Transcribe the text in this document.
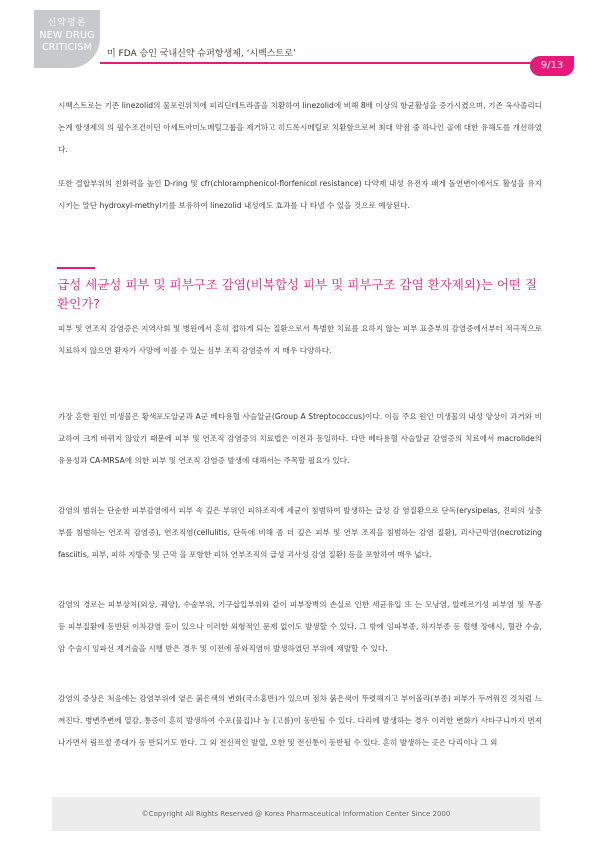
신약평론
NEW DRUG
CRITICISM
미 FDA 승인 국내신약 슈퍼항생제, ‘시벡스트로’
9/13
시벡스트로는 기존 linezolid의 물포린위치에 피리딘테트라졸을 치환하여 linezolid에 비해 8배 이상의 항균활성을 증가시켰으며, 기존 옥사졸리디논계 항생제의 의 필수조건이던 아세트아미노메틸그룹을 제거하고 히드록시메틸로 치환함으로써 최대 약점 중 하나인 골에 대한 유해도를 개선하였다.
또한 결합부위의 친화력을 높인 D-ring 및 cfr(chloramphenicol-florfenicol resistance) 다약제 내성 유전자 패게 돌연변이에서도 활성을 유지시키는 말단 hydroxyl-methyl기를 보유하여 linezolid 내성에도 효과를 나 타낼 수 있을 것으로 예상된다.
급성 세균성 피부 및 피부구조 감염(비복합성 피부 및 피부구조 감염 환자제외)는 어떤 질환인가?
피부 및 연조직 감염증은 지역사회 및 병원에서 흔히 접하게 되는 질환으로서 특별한 치료를 요하지 않는 피부 표층부의 감염증에서부터 적극적으로 치료하지 않으면 환자가 사망에 이를 수 있는 심부 조직 감염증까 지 매우 다양하다.
가장 흔한 원인 미생물은 황색포도알균과 A군 베타용혈 사슬알균(Group A Streptococcus)이다. 이들 주요 원인 미생물의 내성 양상이 과거와 비교하여 크게 바뀌지 않았기 때문에 피부 및 연조직 감염증의 치료법은 이전과 동일하다. 다만 베타용혈 사슬알균 감염증의 치료에서 macrolide의 유용성과 CA-MRSA에 의한 피부 및 연조직 감염증 발생에 대해서는 주목할 필요가 있다.
감염의 범위는 단순한 피부감염에서 피부 속 깊은 부위인 피하조직에 세균이 침범하여 발생하는 급성 감 염질환으로 단독(erysipelas, 진피의 상층부를 침범하는 연조직 감염증), 연조직염(cellulitis, 단독에 비해 좀 더 깊은 피부 및 연부 조직을 침범하는 감염 질환), 괴사근막염(necrotizing fasciitis, 피부, 피하 지방층 및 근막 을 포함한 피하 연부조직의 급성 괴사성 감염 질환) 등을 포함하여 매우 넓다.
감염의 경로는 피부상처(외상, 궤양), 수술부위, 기구삽입부위와 같이 피부장벽의 손실로 인한 세균유입 또 는 모낭염, 알레르기성 피부염 및 무좀 등 피부질환에 동반된 이차감염 등이 있으나 이러한 외형적인 문제 없이도 발생할 수 있다. 그 밖에 임파부종, 하지부종 등 혈행 장애시, 혈관 수술, 암 수술시 임파선 제거술을 시행 받은 경우 및 이전에 봉와직염이 발생하였던 부위에 재발할 수 있다.
감염의 증상은 처음에는 감염부위에 옅은 붉은색의 변화(국소홍반)가 있으며 점차 붉은색이 뚜렷해지고 부어올라(부종) 피부가 두꺼워진 것처럼 느껴진다. 병변주변에 열감, 통증이 흔히 발생하여 수포(물집)나 농 (고름)이 동반될 수 있다. 다리에 발생하는 경우 이러한 변화가 사타구니까지 번져나가면서 림프절 종대가 동 반되기도 한다. 그 외 전신적인 발열, 오한 및 전신통이 동반될 수 있다. 흔히 발생하는 곳은 다리이나 그 외
©Copyright All Rights Reserved @ Korea Pharmaceutical Information Center Since 2000
